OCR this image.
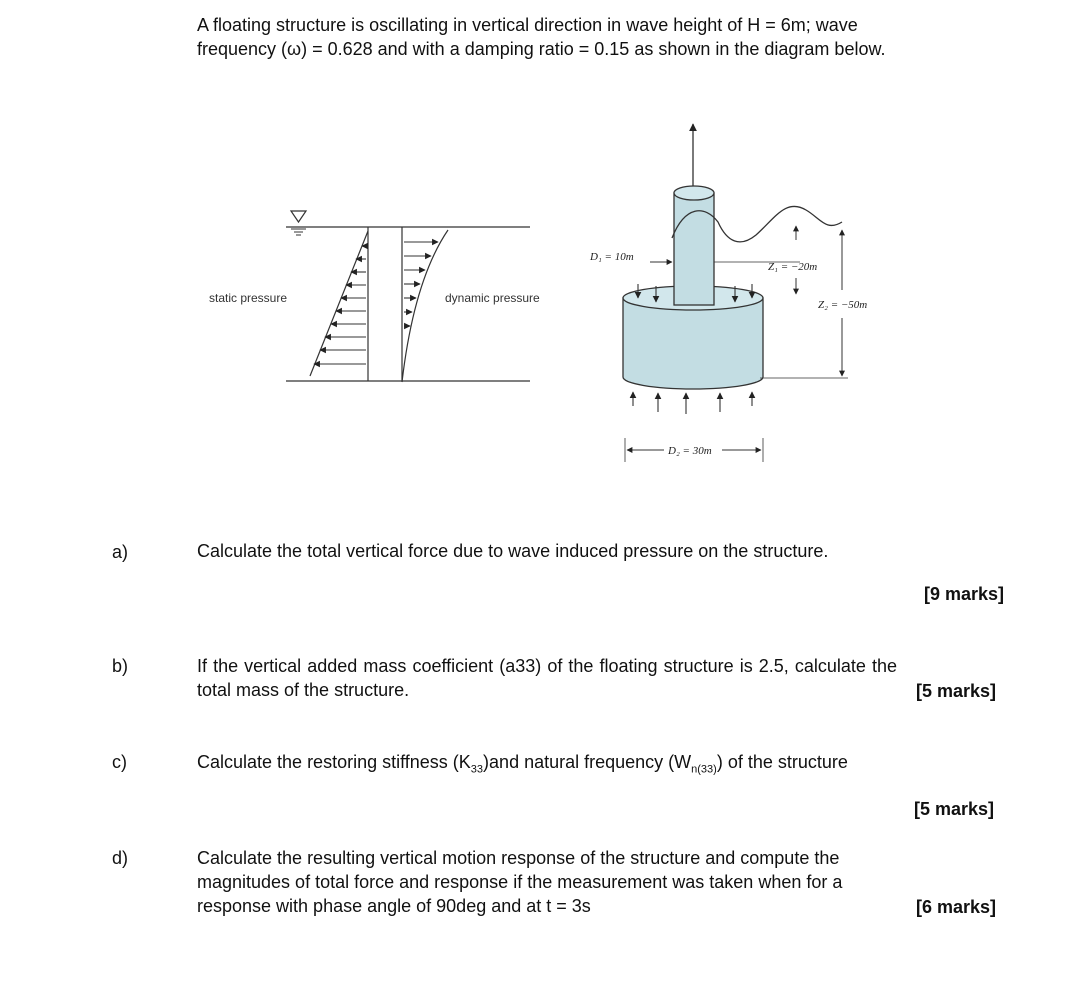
A floating structure is oscillating in vertical direction in wave height of H = 6m; wave frequency (ω) = 0.628 and with a damping ratio = 0.15 as shown in the diagram below.

static pressure	dynamic pressure
D₁ = 10m
Z₁ = −20m
Z₂ = −50m
D₂ = 30m
a)	Calculate the total vertical force due to wave induced pressure on the structure.

[9 marks]
b)	If the vertical added mass coefficient (a33) of the floating structure is 2.5, calculate the total mass of the structure.	[5 marks]
c)	Calculate the restoring stiffness $(K_{33})and$ natural frequency $(W_{n(33)})$ of the structure

[5 marks]
d)	Calculate the resulting vertical motion response of the structure and compute the magnitudes of total force and response if the measurement was taken when for a response with phase angle of 90deg and at t = 3s	[6 marks]
